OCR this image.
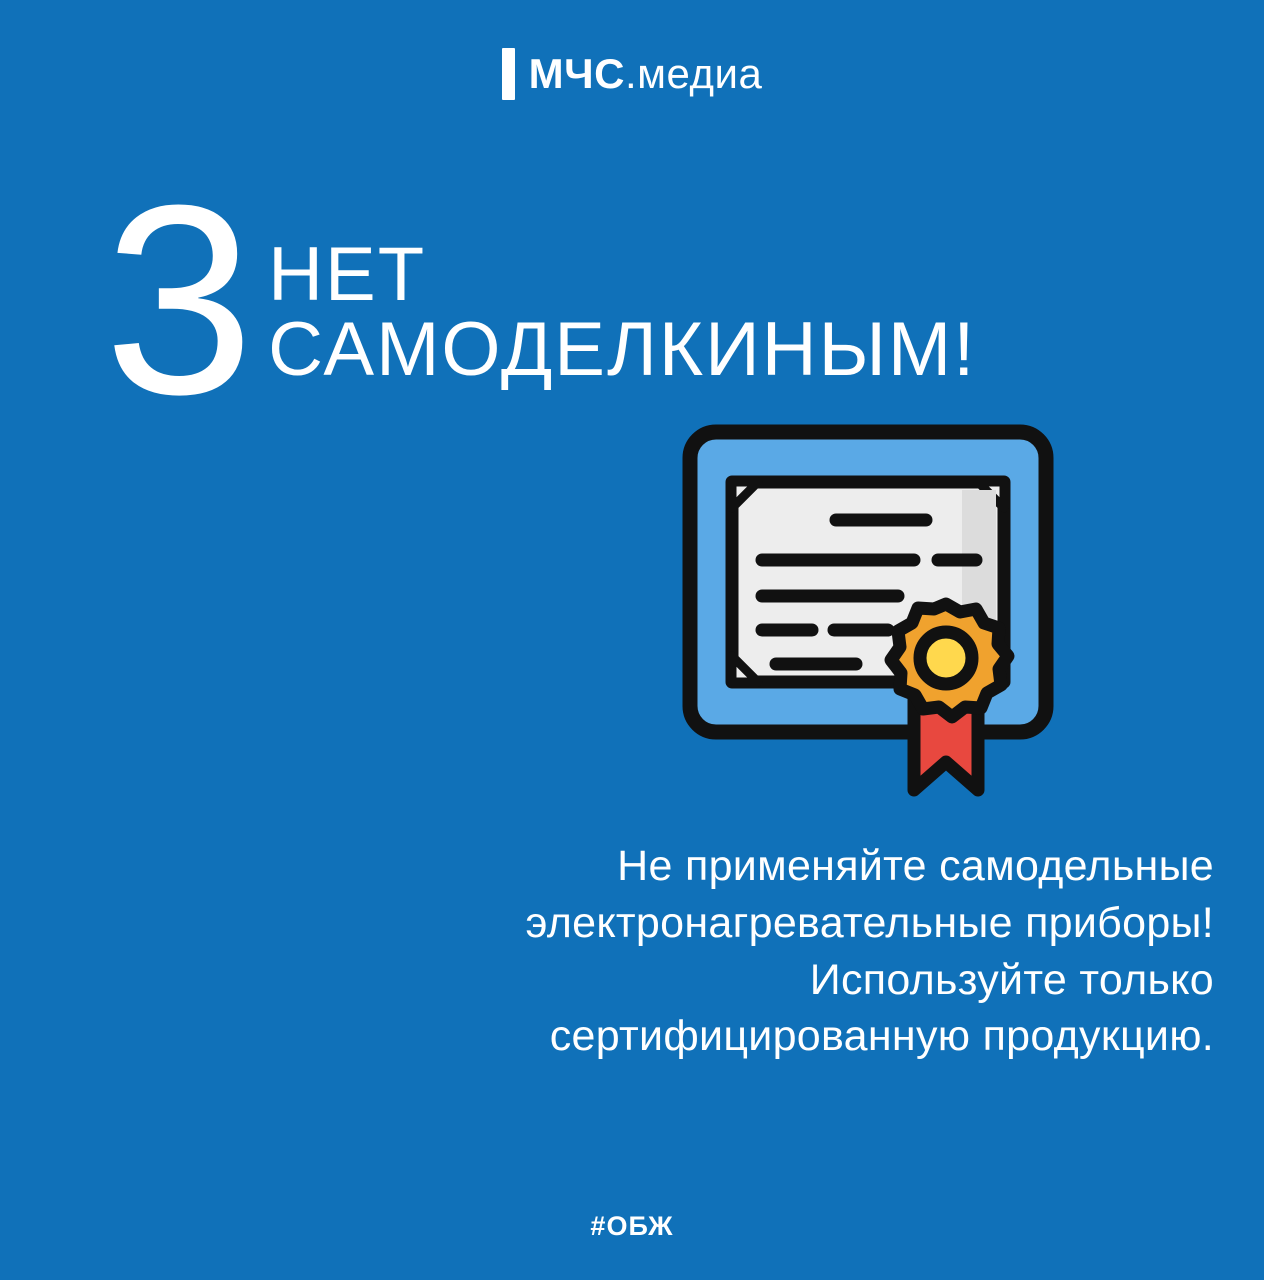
МЧС.медиа
3 НЕТ
САМОДЕЛКИНЫМ!
Не применяйте самодельные
электронагревательные приборы!
Используйте только
сертифицированную продукцию.
#ОБЖ
